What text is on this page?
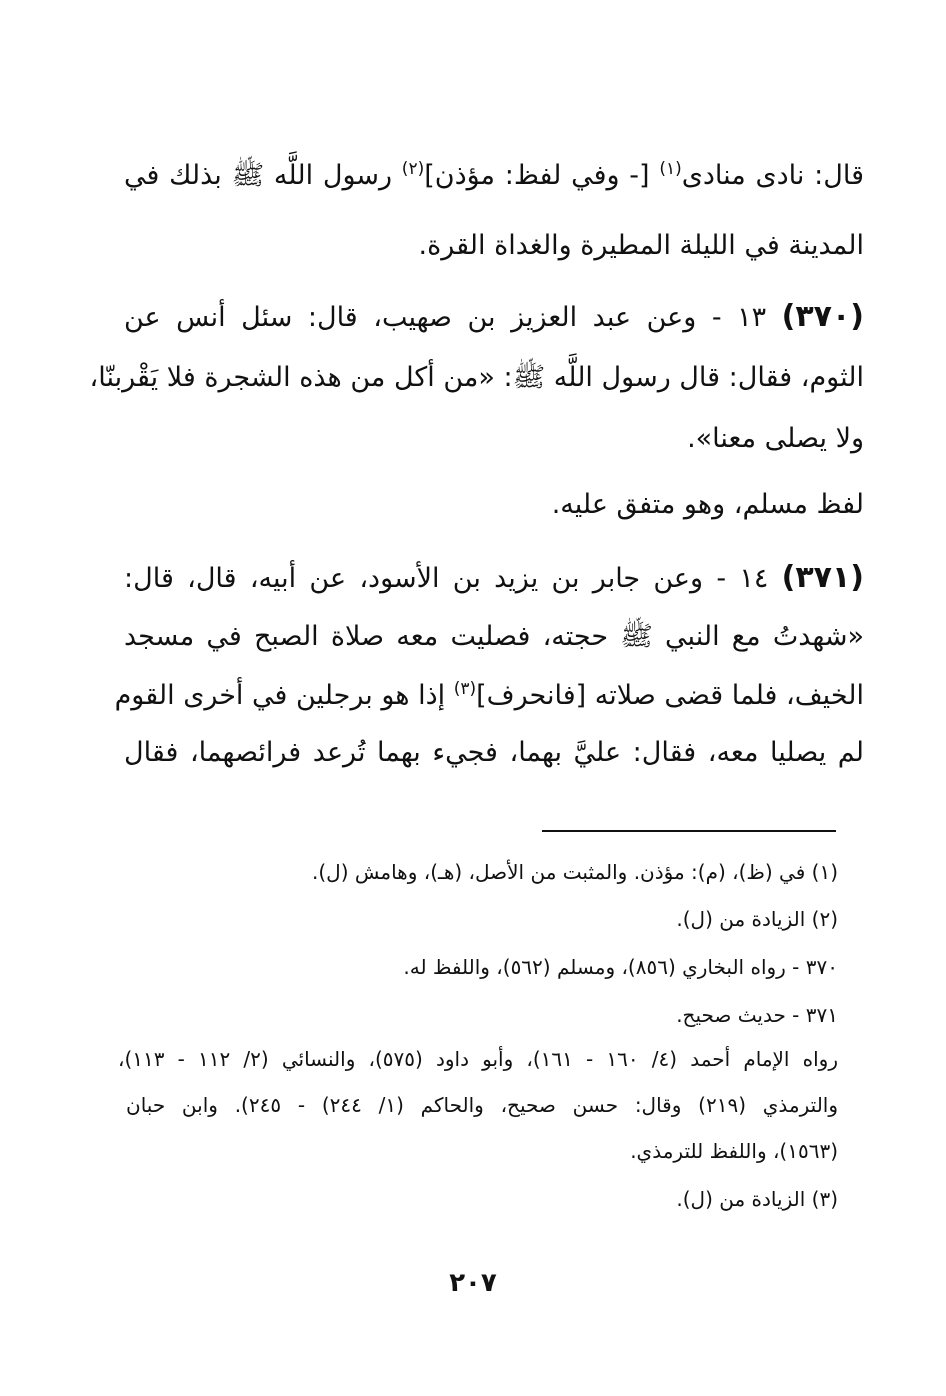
قال: نادى منادى$^{(١)}$ [- وفي لفظ: مؤذن]$^{(٢)}$ رسول اللَّه ﷺ بذلك في
المدينة في الليلة المطيرة والغداة القرة.
(٣٧٠) ١٣ - وعن عبد العزيز بن صهيب، قال: سئل أنس عن
الثوم، فقال: قال رسول اللَّه ﷺ: «من أكل من هذه الشجرة فلا يَقْربنّا،
ولا يصلى معنا».
لفظ مسلم، وهو متفق عليه.
(٣٧١) ١٤ - وعن جابر بن يزيد بن الأسود، عن أبيه، قال، قال:
«شهدتُ مع النبي ﷺ حجته، فصليت معه صلاة الصبح في مسجد
الخيف، فلما قضى صلاته [فانحرف]$^{(٣)}$ إذا هو برجلين في أخرى القوم
لم يصليا معه، فقال: عليَّ بهما، فجيء بهما تُرعد فرائصهما، فقال
(١) في (ظ)، (م): مؤذن. والمثبت من الأصل، (هـ)، وهامش (ل).
(٢) الزيادة من (ل).
٣٧٠ - رواه البخاري (٨٥٦)، ومسلم (٥٦٢)، واللفظ له.
٣٧١ - حديث صحيح.
رواه الإمام أحمد (٤/ ١٦٠ - ١٦١)، وأبو داود (٥٧٥)، والنسائي (٢/ ١١٢ - ١١٣)،
والترمذي (٢١٩) وقال: حسن صحيح، والحاكم (١/ ٢٤٤) - ٢٤٥). وابن حبان
(١٥٦٣)، واللفظ للترمذي.
(٣) الزيادة من (ل).
٢٠٧
